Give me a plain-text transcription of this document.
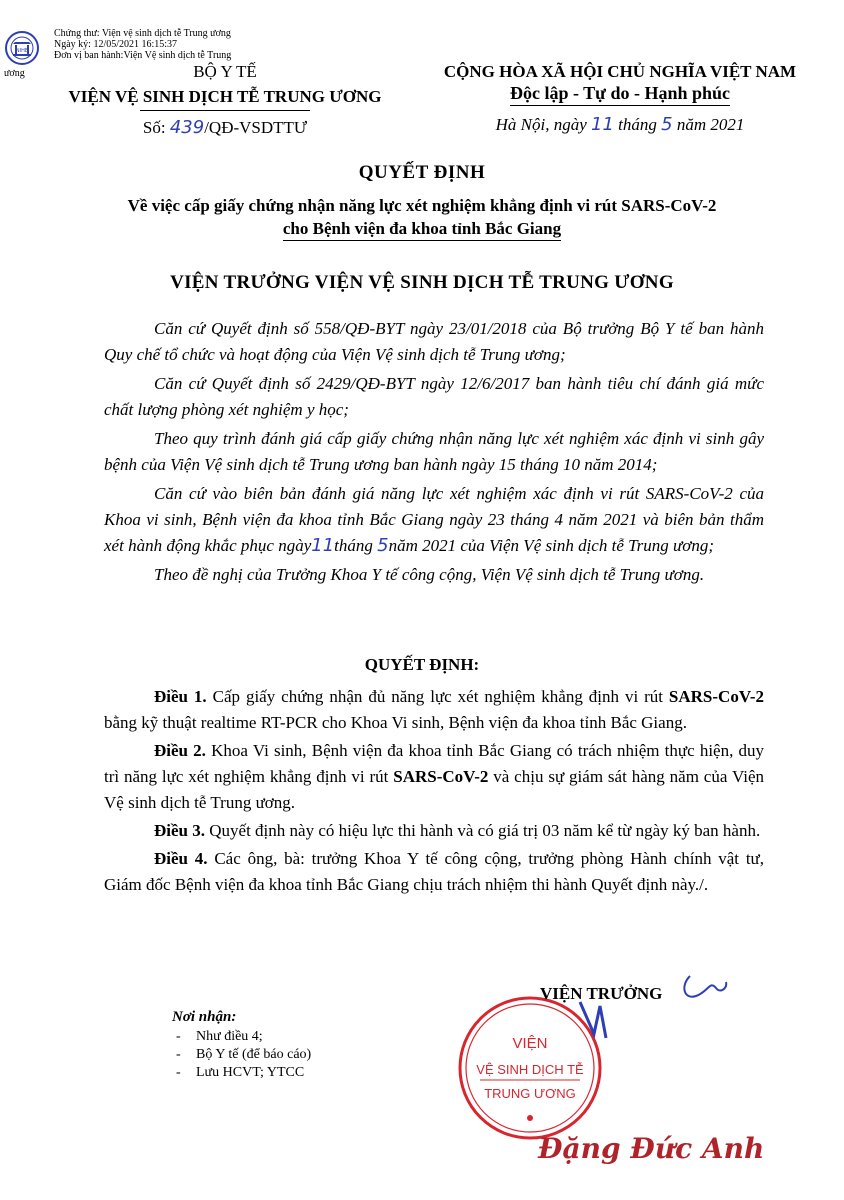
NIHE
Chứng thư: Viện vệ sinh dịch tễ Trung ương
Ngày ký: 12/05/2021 16:15:37
Đơn vị ban hành:Viện Vệ sinh dịch tễ Trung
ương	BỘ Y TẾ
VIỆN VỆ SINH DỊCH TỄ TRUNG ƯƠNG
Số: 439/QĐ-VSDTTƯ
CỘNG HÒA XÃ HỘI CHỦ NGHĨA VIỆT NAM
Độc lập - Tự do - Hạnh phúc
Hà Nội, ngày 11 tháng 5 năm 2021
QUYẾT ĐỊNH
Về việc cấp giấy chứng nhận năng lực xét nghiệm khẳng định vi rút SARS-CoV-2
cho Bệnh viện đa khoa tỉnh Bắc Giang
VIỆN TRƯỞNG VIỆN VỆ SINH DỊCH TỄ TRUNG ƯƠNG

Căn cứ Quyết định số 558/QĐ-BYT ngày 23/01/2018 của Bộ trưởng Bộ Y tế ban hành Quy chế tổ chức và hoạt động của Viện Vệ sinh dịch tễ Trung ương;

Căn cứ Quyết định số 2429/QĐ-BYT ngày 12/6/2017 ban hành tiêu chí đánh giá mức chất lượng phòng xét nghiệm y học;

Theo quy trình đánh giá cấp giấy chứng nhận năng lực xét nghiệm xác định vi sinh gây bệnh của Viện Vệ sinh dịch tễ Trung ương ban hành ngày 15 tháng 10 năm 2014;

Căn cứ vào biên bản đánh giá năng lực xét nghiệm xác định vi rút SARS-CoV-2 của Khoa vi sinh, Bệnh viện đa khoa tỉnh Bắc Giang ngày 23 tháng 4 năm 2021 và biên bản thẩm xét hành động khắc phục ngày11tháng 5năm 2021 của Viện Vệ sinh dịch tễ Trung ương;

Theo đề nghị của Trưởng Khoa Y tế công cộng, Viện Vệ sinh dịch tễ Trung ương.

QUYẾT ĐỊNH:

Điều 1. Cấp giấy chứng nhận đủ năng lực xét nghiệm khẳng định vi rút SARS-CoV-2 bằng kỹ thuật realtime RT-PCR cho Khoa Vi sinh, Bệnh viện đa khoa tỉnh Bắc Giang.

Điều 2. Khoa Vi sinh, Bệnh viện đa khoa tỉnh Bắc Giang có trách nhiệm thực hiện, duy trì năng lực xét nghiệm khẳng định vi rút SARS-CoV-2 và chịu sự giám sát hàng năm của Viện Vệ sinh dịch tễ Trung ương.

Điều 3. Quyết định này có hiệu lực thi hành và có giá trị 03 năm kể từ ngày ký ban hành.

Điều 4. Các ông, bà: trưởng Khoa Y tế công cộng, trưởng phòng Hành chính vật tư, Giám đốc Bệnh viện đa khoa tỉnh Bắc Giang chịu trách nhiệm thi hành Quyết định này./.

Nơi nhận:
- Như điều 4;
- Bộ Y tế (để báo cáo)
- Lưu HCVT; YTCC
VIỆN
VỆ SINH DỊCH TỄ
TRUNG ƯƠNG
VIỆN TRƯỞNG
Đặng Đức Anh
